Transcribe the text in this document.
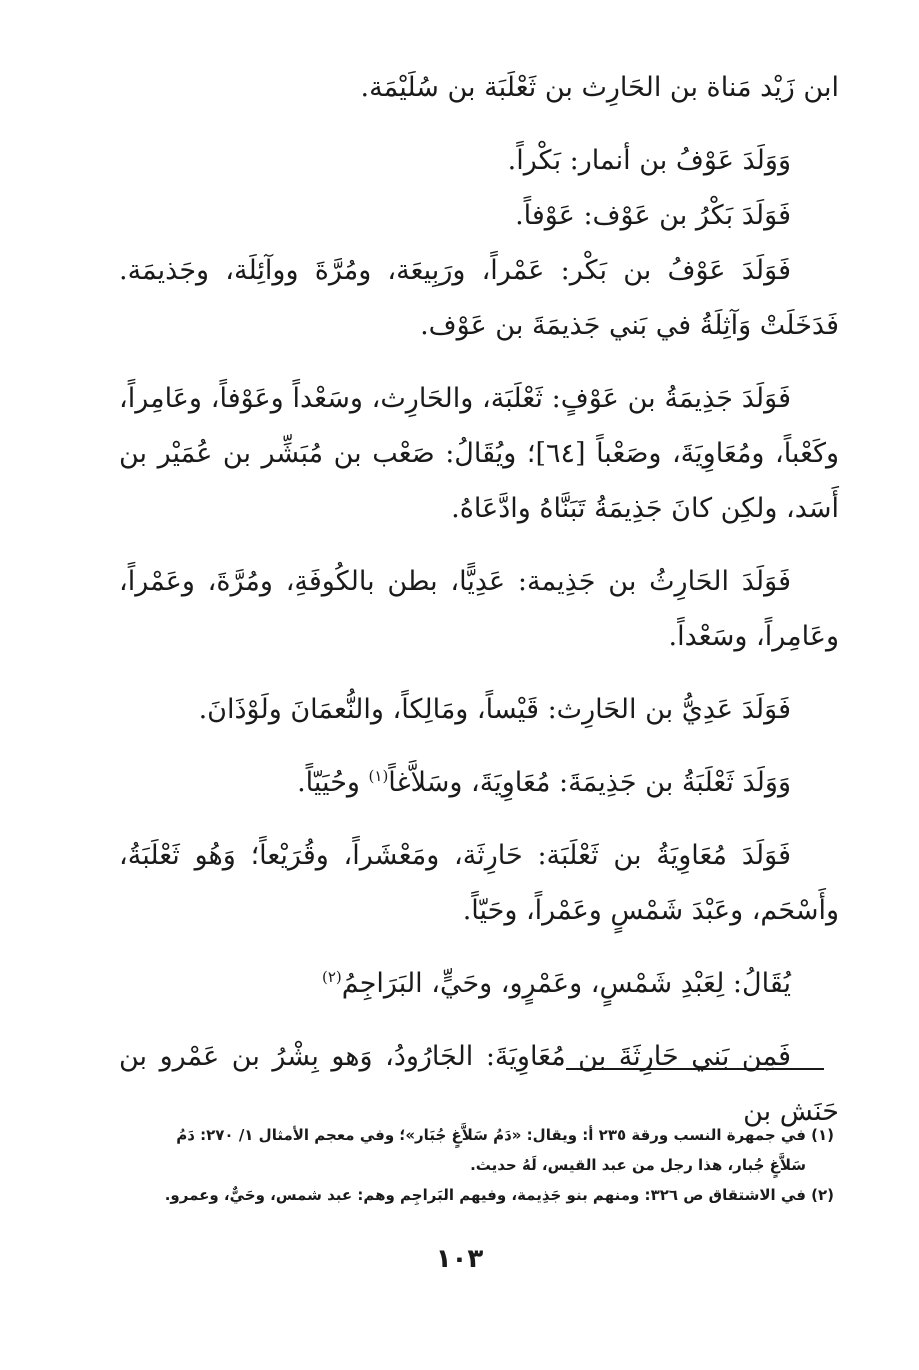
ابن زَيْد مَناة بن الحَارِث بن ثَعْلَبَة بن سُلَيْمَة.

وَوَلَدَ عَوْفُ بن أنمار: بَكْراً.

فَوَلَدَ بَكْرُ بن عَوْف: عَوْفاً.

فَوَلَدَ عَوْفُ بن بَكْر: عَمْراً، ورَبِيعَة، ومُرَّةَ ووآئِلَة، وجَذيمَة. فَدَخَلَتْ وَآثِلَةُ في بَني جَذيمَةَ بن عَوْف.

فَوَلَدَ جَذِيمَةُ بن عَوْفٍ: ثَعْلَبَة، والحَارِث، وسَعْداً وعَوْفاً، وعَامِراً، وكَعْباً، ومُعَاوِيَةَ، وصَعْباً [٦٤]؛ ويُقَالُ: صَعْب بن مُبَشِّر بن عُمَيْر بن أَسَد، ولكِن كانَ جَذِيمَةُ تَبَنَّاهُ وادَّعَاهُ.

فَوَلَدَ الحَارِثُ بن جَذِيمة: عَدِيًّا، بطن بالكُوفَةِ، ومُرَّةَ، وعَمْراً، وعَامِراً، وسَعْداً.

فَوَلَدَ عَدِيُّ بن الحَارِث: قَيْساً، ومَالِكاً، والنُّعمَانَ ولَوْذَانَ.

وَوَلَدَ ثَعْلَبَةُ بن جَذِيمَةَ: مُعَاوِيَةَ، وسَلاَّغاً$^{(١)}$ وحُيَيّاً.

فَوَلَدَ مُعَاوِيَةُ بن ثَعْلَبَة: حَارِثَة، ومَعْشَراً، وقُرَيْعاً؛ وَهُو ثَعْلَبَةُ، وأَسْحَم، وعَبْدَ شَمْسٍ وعَمْراً، وحَيّاً.

يُقَالُ: لِعَبْدِ شَمْسٍ، وعَمْرٍو، وحَيٍّ، البَرَاجِمُ$^{(٢)}$

فَمِن بَني حَارِثَةَ بن مُعَاوِيَةَ: الجَارُودُ، وَهو بِشْرُ بن عَمْرو بن حَنَش بن

(١) في جمهرة النسب ورقة ٢٣٥ أ: ويقال: «دَمُ سَلاَّغٍ جُبَار»؛ وفي معجم الأمثال ١/ ٢٧٠: دَمُ
سَلاَّغٍ جُبار، هذا رجل من عبد القيس، لَهُ حديث.

(٢) في الاشتقاق ص ٣٢٦: ومنهم بنو جَذِيمة، وفيهم البَراجِم وهم: عبد شمس، وحَيٌّ، وعمرو.

١٠٣
